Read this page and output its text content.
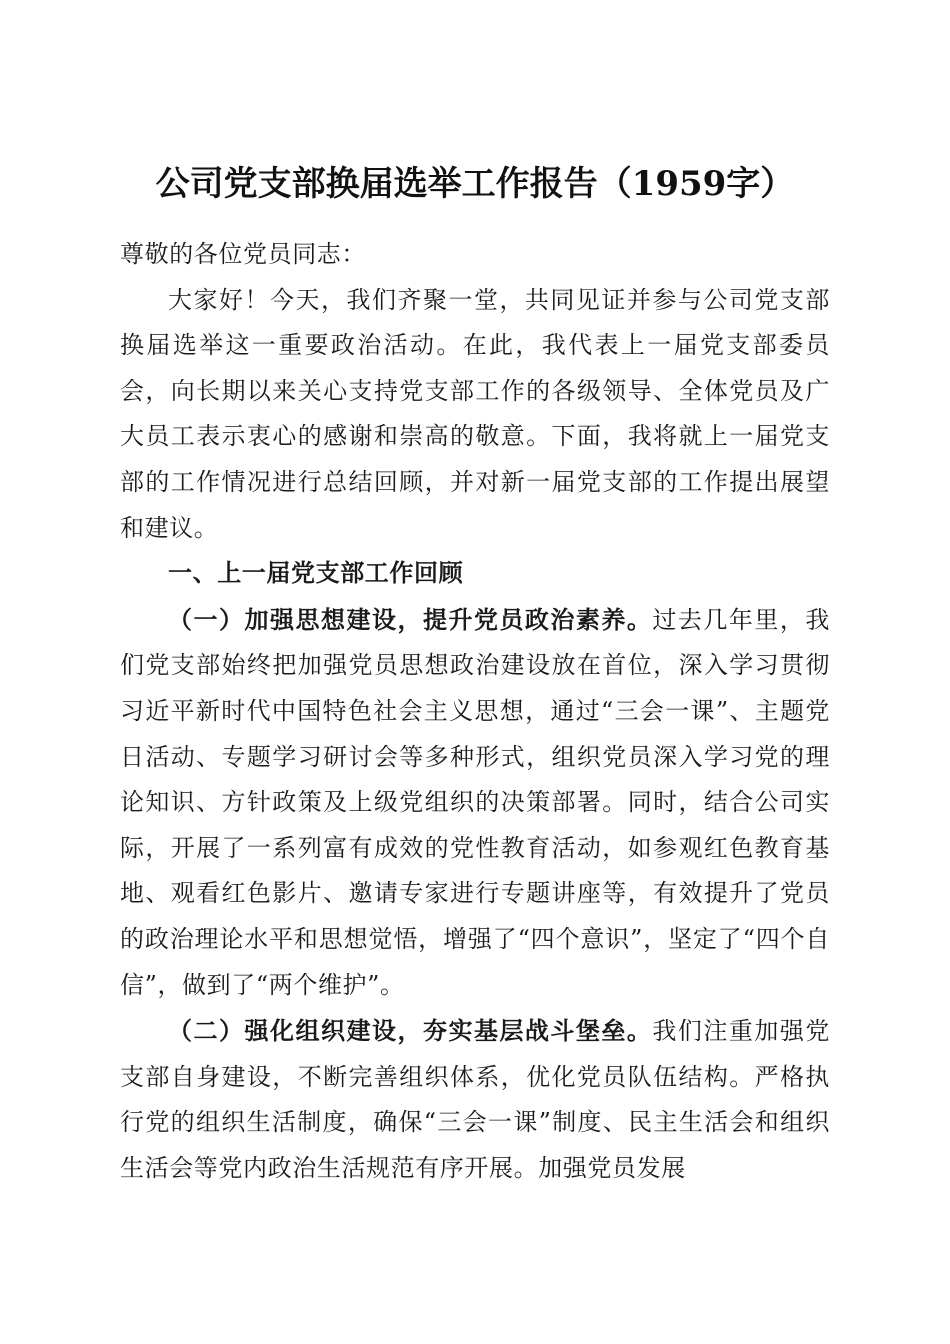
公司党支部换届选举工作报告（1959字）

尊敬的各位党员同志：

大家好！今天，我们齐聚一堂，共同见证并参与公司党支部换届选举这一重要政治活动。在此，我代表上一届党支部委员会，向长期以来关心支持党支部工作的各级领导、全体党员及广大员工表示衷心的感谢和崇高的敬意。下面，我将就上一届党支部的工作情况进行总结回顾，并对新一届党支部的工作提出展望和建议。

一、上一届党支部工作回顾

（一）加强思想建设，提升党员政治素养。过去几年里，我们党支部始终把加强党员思想政治建设放在首位，深入学习贯彻习近平新时代中国特色社会主义思想，通过“三会一课”、主题党日活动、专题学习研讨会等多种形式，组织党员深入学习党的理论知识、方针政策及上级党组织的决策部署。同时，结合公司实际，开展了一系列富有成效的党性教育活动，如参观红色教育基地、观看红色影片、邀请专家进行专题讲座等，有效提升了党员的政治理论水平和思想觉悟，增强了“四个意识”，坚定了“四个自信”，做到了“两个维护”。

（二）强化组织建设，夯实基层战斗堡垒。我们注重加强党支部自身建设，不断完善组织体系，优化党员队伍结构。严格执行党的组织生活制度，确保“三会一课”制度、民主生活会和组织生活会等党内政治生活规范有序开展。加强党员发展
